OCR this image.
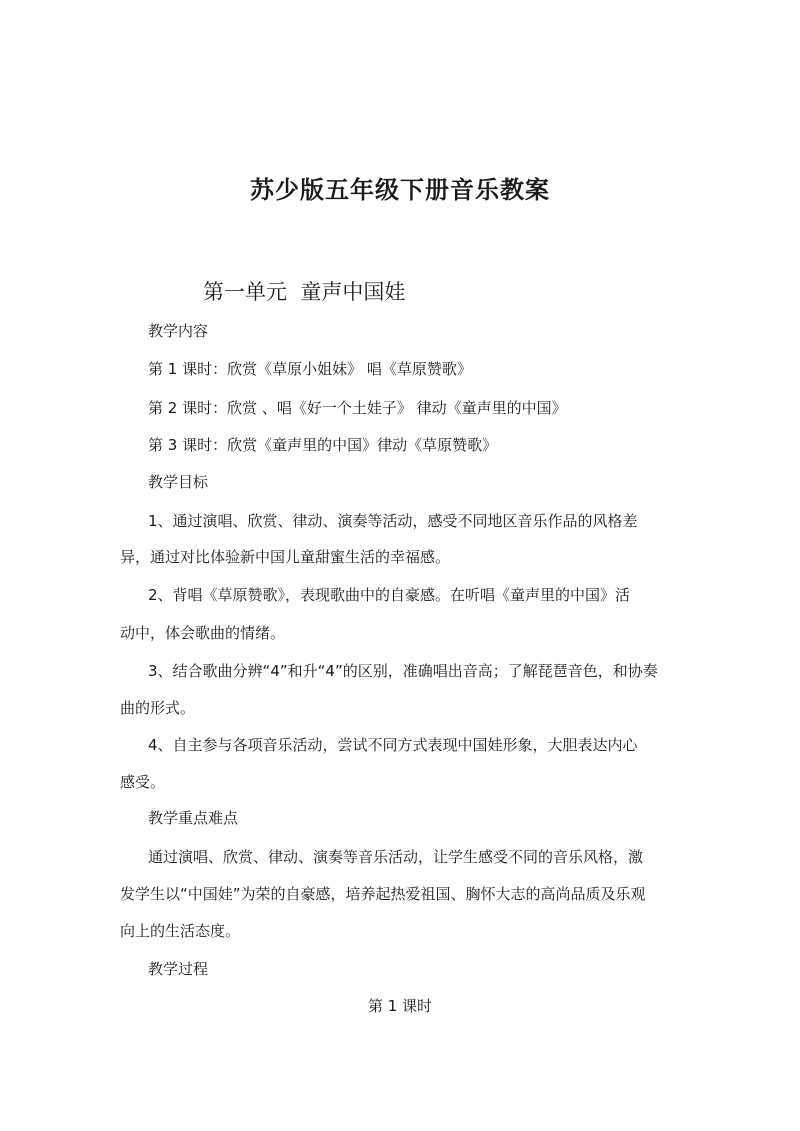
苏少版五年级下册音乐教案
第一单元  童声中国娃
教学内容
第 1 课时：欣赏《草原小姐妹》 唱《草原赞歌》
第 2 课时：欣赏 、唱《好一个土娃子》 律动《童声里的中国》
第 3 课时：欣赏《童声里的中国》律动《草原赞歌》
教学目标
1、通过演唱、欣赏、律动、演奏等活动，感受不同地区音乐作品的风格差
异，通过对比体验新中国儿童甜蜜生活的幸福感。
2、背唱《草原赞歌》，表现歌曲中的自豪感。在听唱《童声里的中国》活
动中，体会歌曲的情绪。
3、结合歌曲分辨“4”和升“4”的区别，准确唱出音高；了解琵琶音色，和协奏
曲的形式。
4、自主参与各项音乐活动，尝试不同方式表现中国娃形象，大胆表达内心
感受。
教学重点难点
通过演唱、欣赏、律动、演奏等音乐活动，让学生感受不同的音乐风格，激
发学生以“中国娃”为荣的自豪感，培养起热爱祖国、胸怀大志的高尚品质及乐观
向上的生活态度。
教学过程
第 1 课时
